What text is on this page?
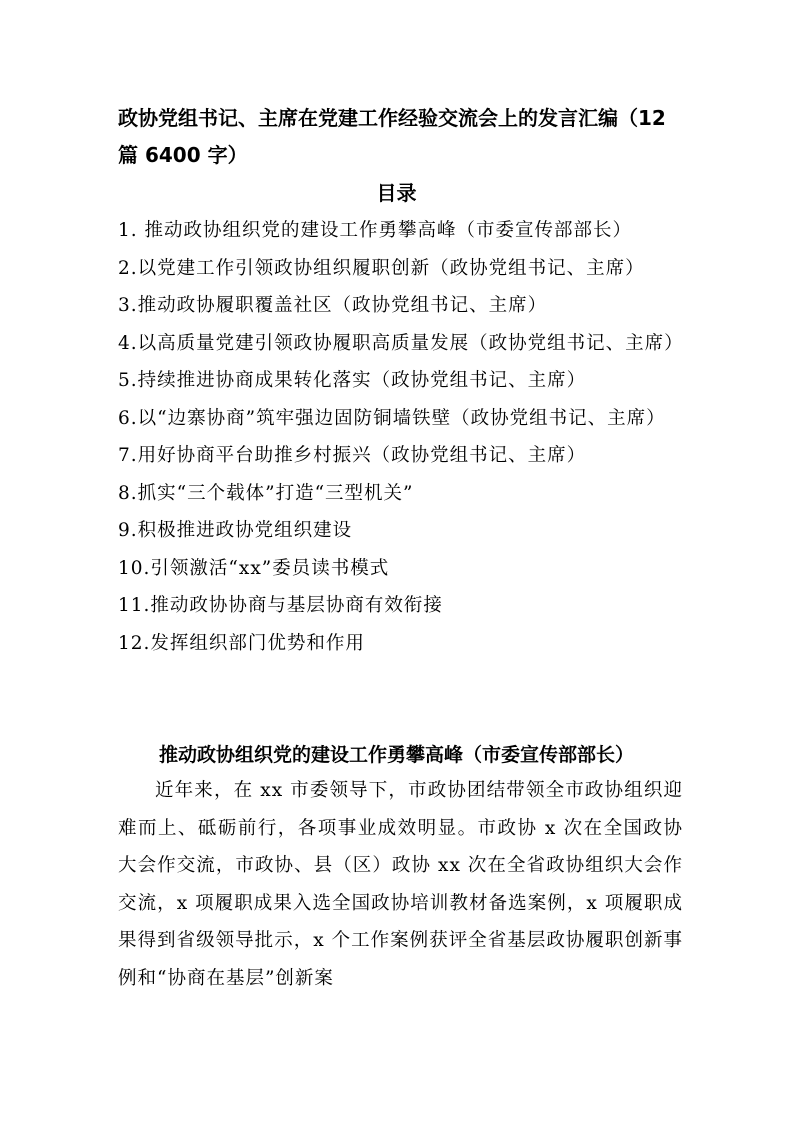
政协党组书记、主席在党建工作经验交流会上的发言汇编（12 篇 6400 字）
目录
1. 推动政协组织党的建设工作勇攀高峰（市委宣传部部长）
2.以党建工作引领政协组织履职创新（政协党组书记、主席）
3.推动政协履职覆盖社区（政协党组书记、主席）
4.以高质量党建引领政协履职高质量发展（政协党组书记、主席）
5.持续推进协商成果转化落实（政协党组书记、主席）
6.以“边寨协商”筑牢强边固防铜墙铁壁（政协党组书记、主席）
7.用好协商平台助推乡村振兴（政协党组书记、主席）
8.抓实“三个载体”打造“三型机关”
9.积极推进政协党组织建设
10.引领激活“xx”委员读书模式
11.推动政协协商与基层协商有效衔接
12.发挥组织部门优势和作用
推动政协组织党的建设工作勇攀高峰（市委宣传部部长）

近年来，在 xx 市委领导下，市政协团结带领全市政协组织迎难而上、砥砺前行，各项事业成效明显。市政协 x 次在全国政协大会作交流，市政协、县（区）政协 xx 次在全省政协组织大会作交流，x 项履职成果入选全国政协培训教材备选案例，x 项履职成果得到省级领导批示，x 个工作案例获评全省基层政协履职创新事例和“协商在基层”创新案
